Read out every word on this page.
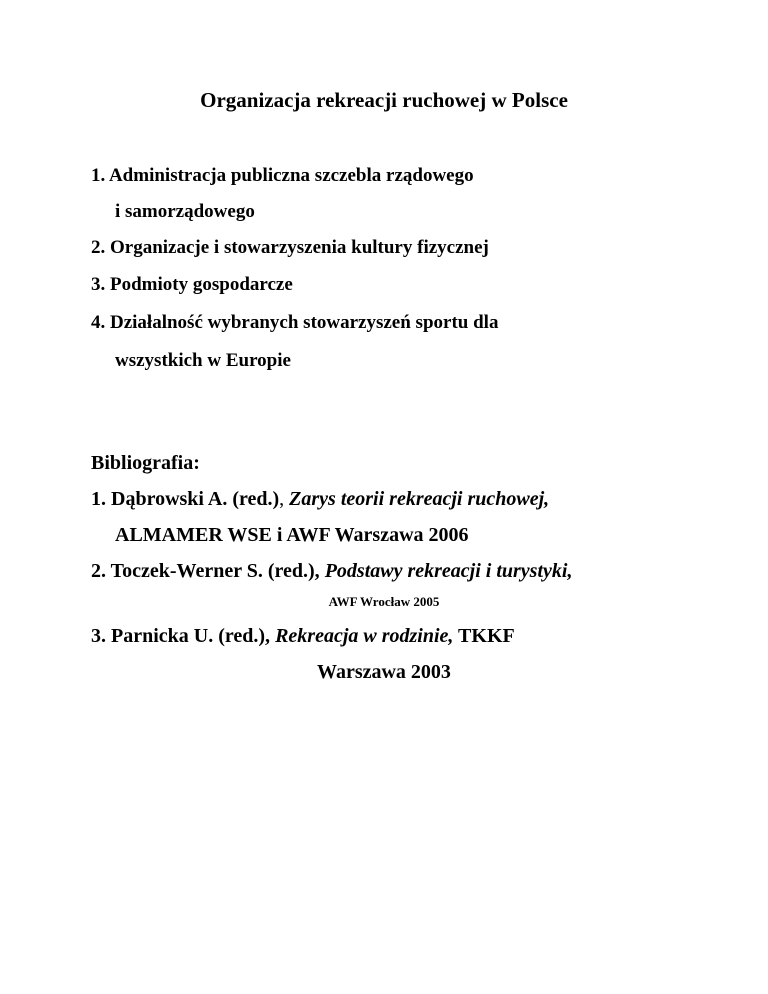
Organizacja rekreacji ruchowej w Polsce
1. Administracja publiczna szczebla rządowego
i samorządowego
2. Organizacje i stowarzyszenia kultury fizycznej
3. Podmioty gospodarcze
4. Działalność wybranych stowarzyszeń sportu dla
wszystkich w Europie
Bibliografia:
1. Dąbrowski A. (red.), Zarys teorii rekreacji ruchowej,
ALMAMER WSE i AWF Warszawa 2006
2. Toczek-Werner S. (red.), Podstawy rekreacji i turystyki,
AWF Wrocław 2005
3. Parnicka U. (red.), Rekreacja w rodzinie, TKKF
Warszawa 2003
